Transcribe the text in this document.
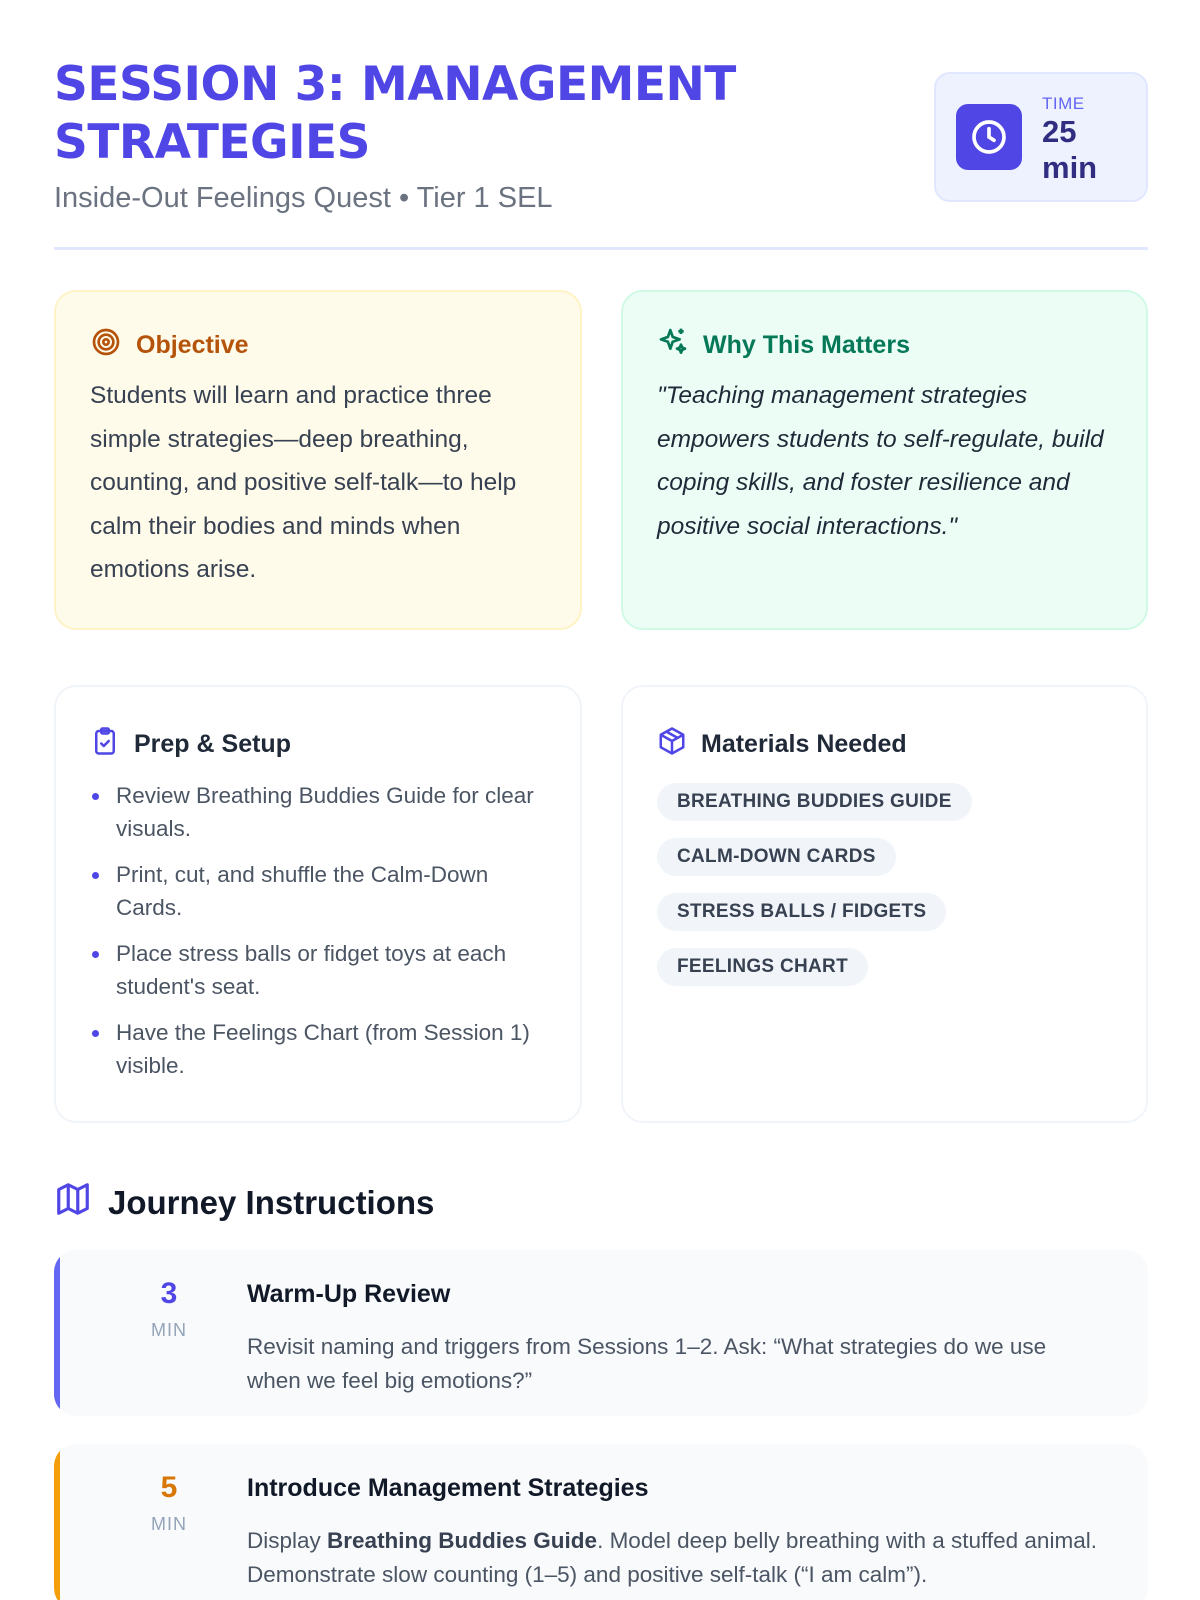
SESSION 3: MANAGEMENT STRATEGIES
Inside-Out Feelings Quest • Tier 1 SEL
TIME
25 min
Objective

Students will learn and practice three simple strategies—deep breathing, counting, and positive self-talk—to help calm their bodies and minds when emotions arise.

Why This Matters

"Teaching management strategies empowers students to self-regulate, build coping skills, and foster resilience and positive social interactions."

Prep & Setup
Review Breathing Buddies Guide for clear visuals.
Print, cut, and shuffle the Calm-Down Cards.
Place stress balls or fidget toys at each student's seat.
Have the Feelings Chart (from Session 1) visible.
Materials Needed
BREATHING BUDDIES GUIDE
CALM-DOWN CARDS
STRESS BALLS / FIDGETS
FEELINGS CHART
Journey Instructions
3
MIN
Warm-Up Review

Revisit naming and triggers from Sessions 1–2. Ask: “What strategies do we use when we feel big emotions?”

5
MIN
Introduce Management Strategies

Display Breathing Buddies Guide. Model deep belly breathing with a stuffed animal. Demonstrate slow counting (1–5) and positive self-talk (“I am calm”).
